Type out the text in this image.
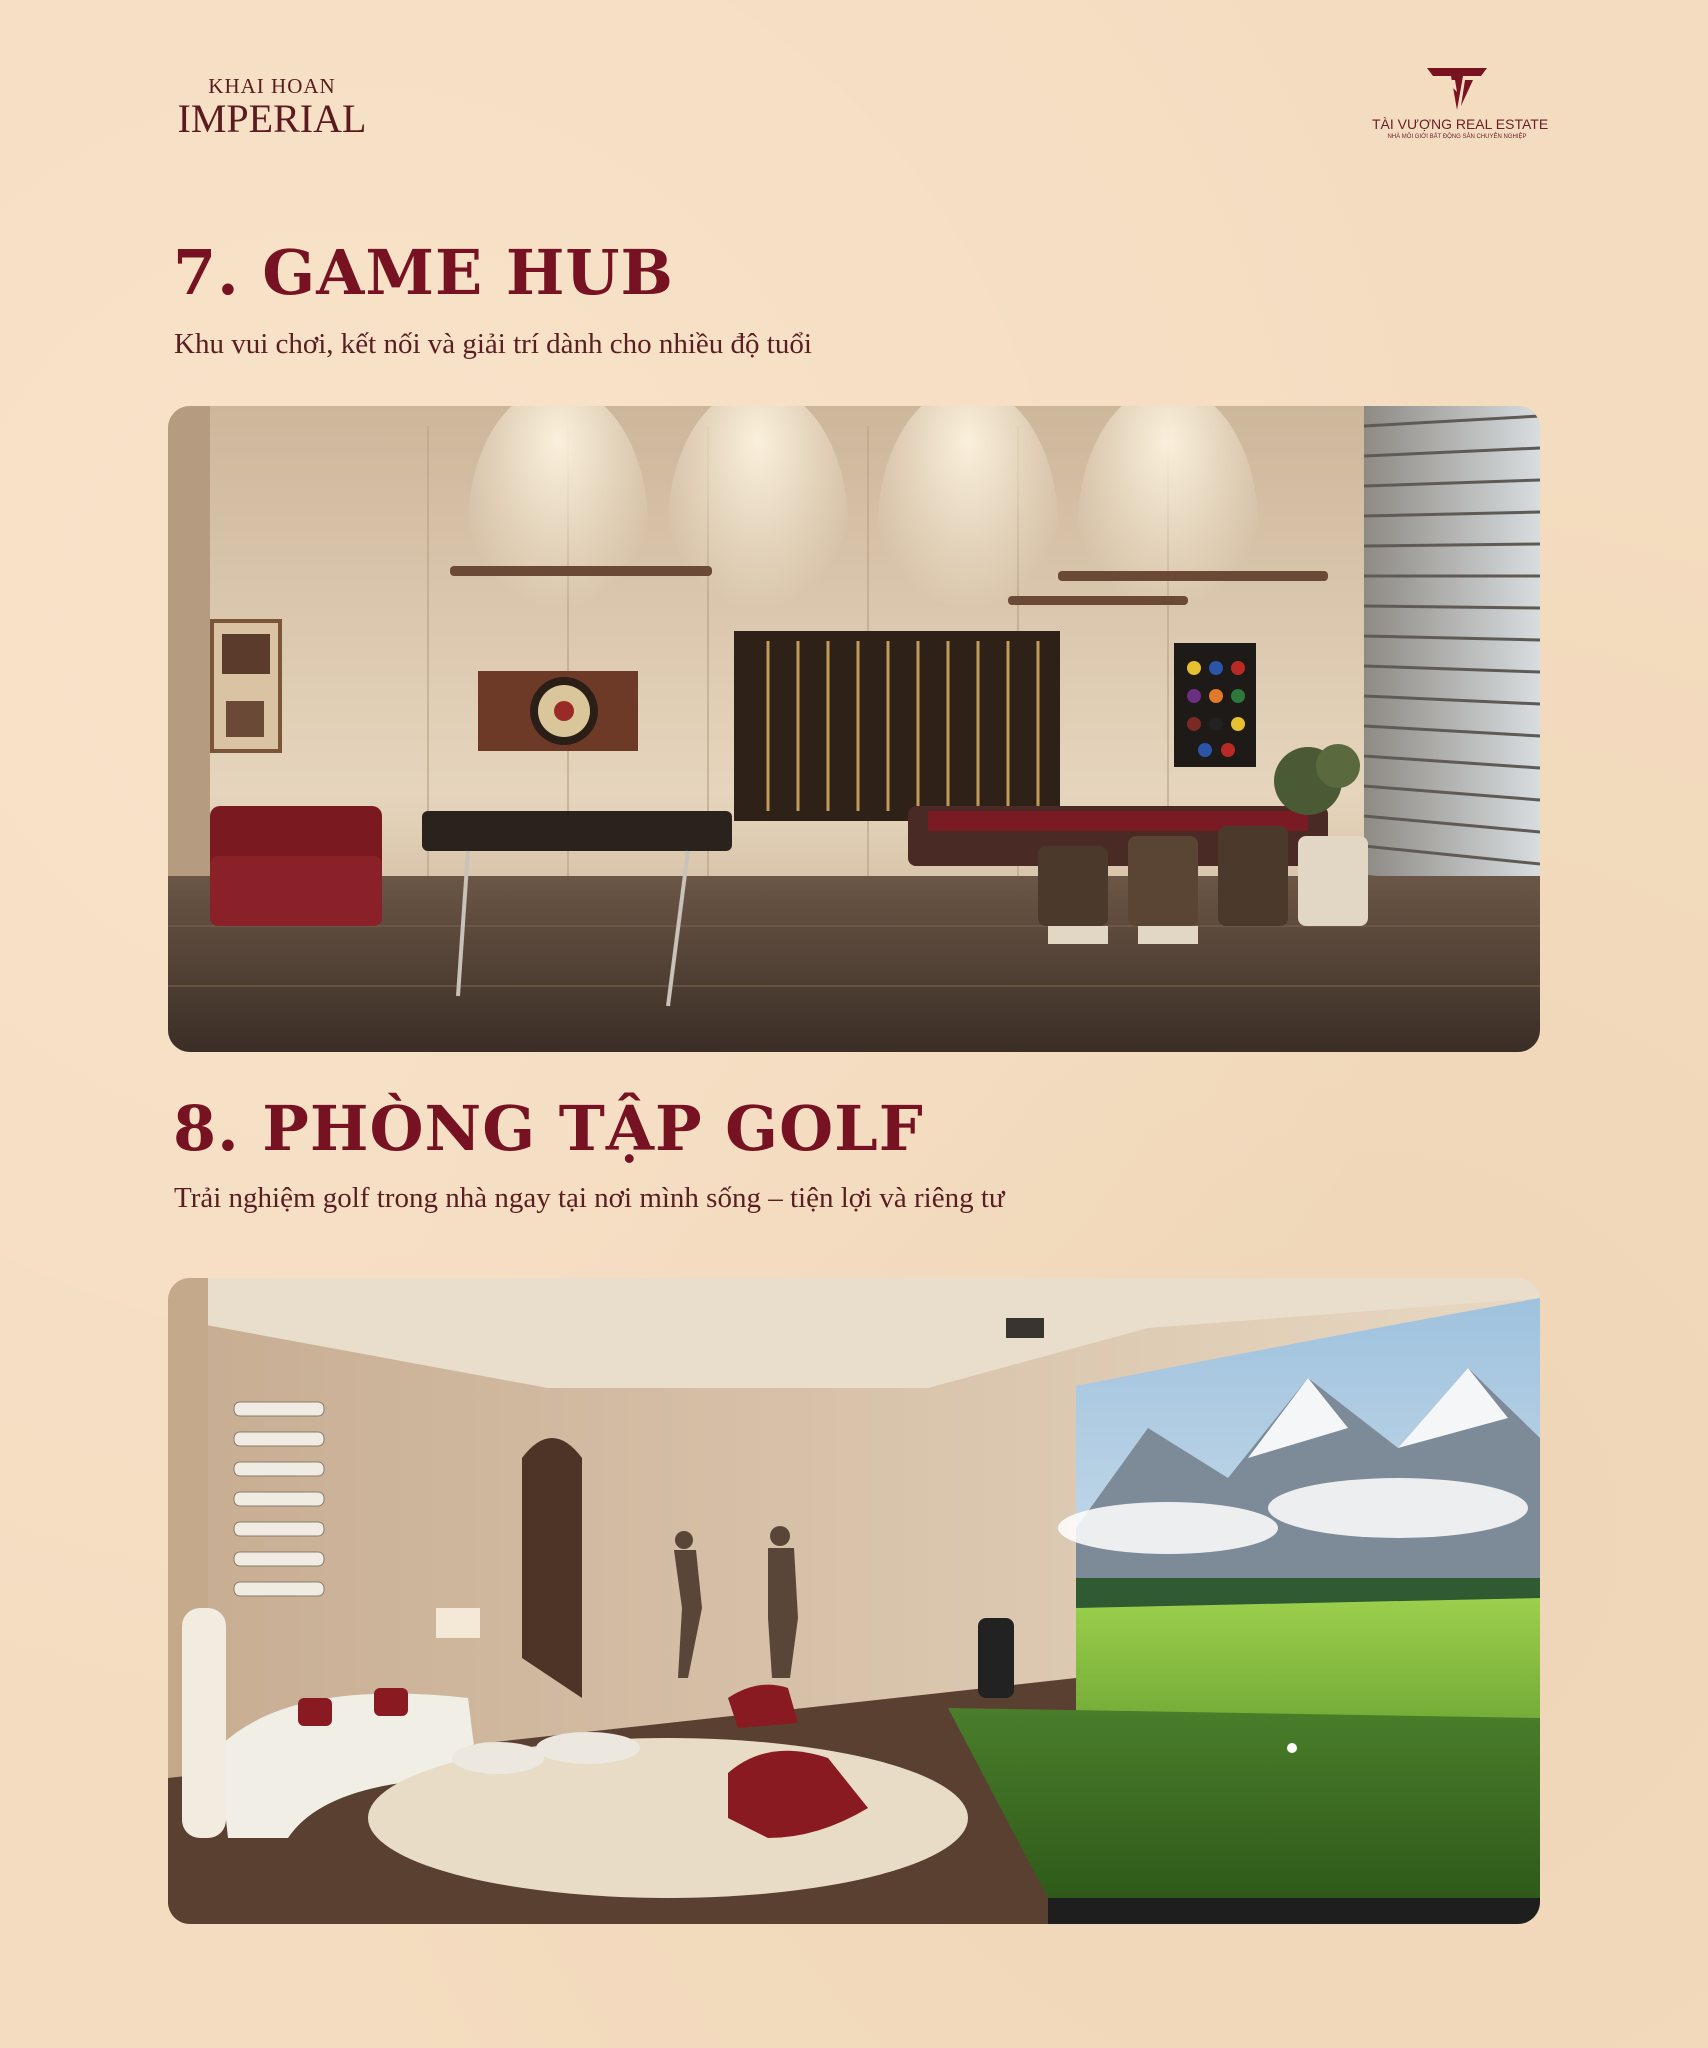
KHAI HOAN
IMPERIAL	TÀI VƯỢNG REAL ESTATE
NHÀ MÔI GIỚI BẤT ĐỘNG SẢN CHUYÊN NGHIỆP
7. GAME HUB

Khu vui chơi, kết nối và giải trí dành cho nhiều độ tuổi

8. PHÒNG TẬP GOLF

Trải nghiệm golf trong nhà ngay tại nơi mình sống – tiện lợi và riêng tư
